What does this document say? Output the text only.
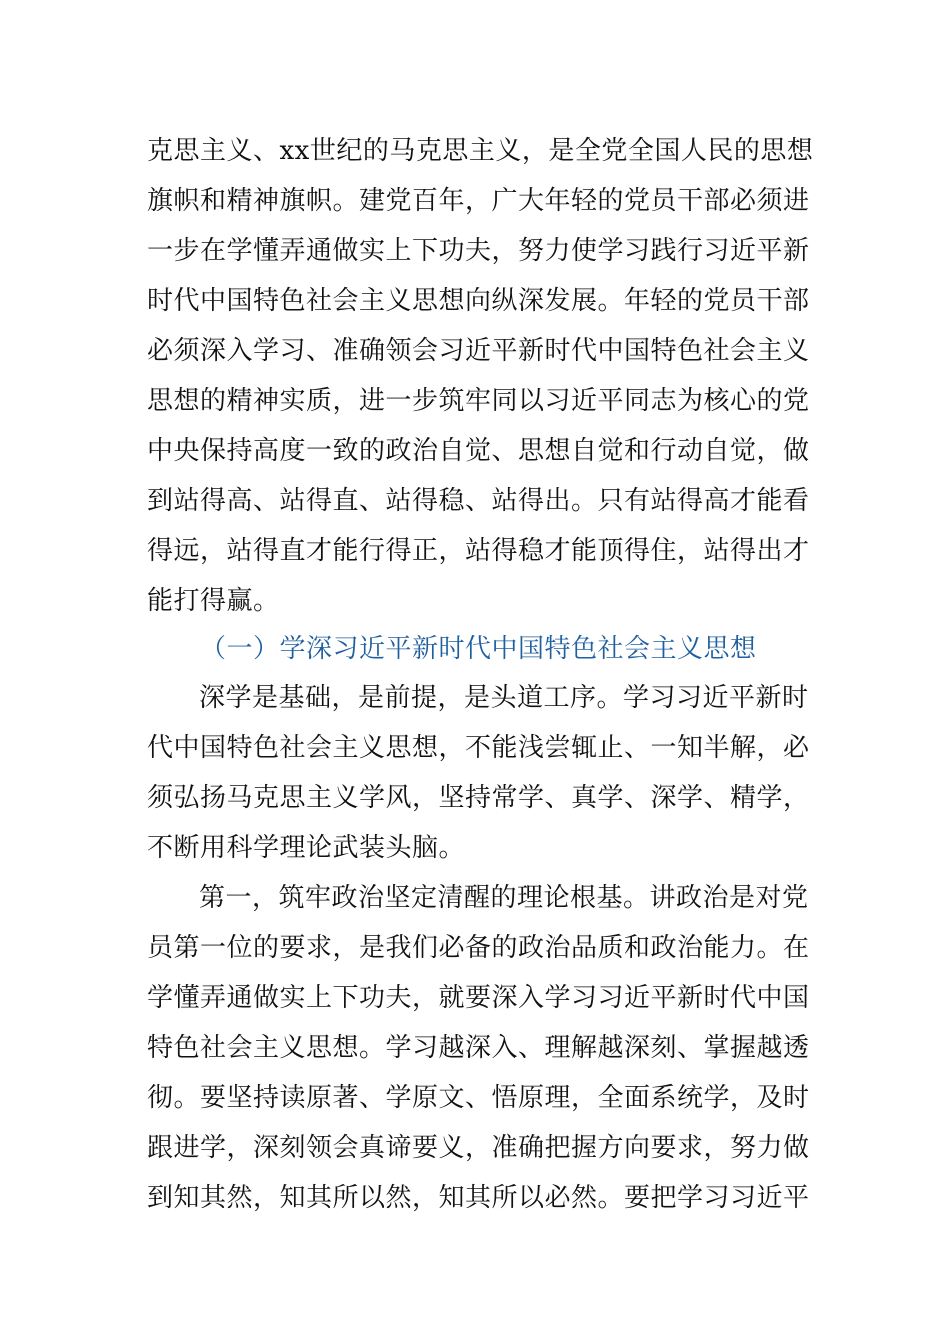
克思主义、xx世纪的马克思主义，是全党全国人民的思想
旗帜和精神旗帜。建党百年，广大年轻的党员干部必须进
一步在学懂弄通做实上下功夫，努力使学习践行习近平新
时代中国特色社会主义思想向纵深发展。年轻的党员干部
必须深入学习、准确领会习近平新时代中国特色社会主义
思想的精神实质，进一步筑牢同以习近平同志为核心的党
中央保持高度一致的政治自觉、思想自觉和行动自觉，做
到站得高、站得直、站得稳、站得出。只有站得高才能看
得远，站得直才能行得正，站得稳才能顶得住，站得出才
能打得赢。
（一）学深习近平新时代中国特色社会主义思想
深学是基础，是前提，是头道工序。学习习近平新时
代中国特色社会主义思想，不能浅尝辄止、一知半解，必
须弘扬马克思主义学风，坚持常学、真学、深学、精学，
不断用科学理论武装头脑。
第一，筑牢政治坚定清醒的理论根基。讲政治是对党
员第一位的要求，是我们必备的政治品质和政治能力。在
学懂弄通做实上下功夫，就要深入学习习近平新时代中国
特色社会主义思想。学习越深入、理解越深刻、掌握越透
彻。要坚持读原著、学原文、悟原理，全面系统学，及时
跟进学，深刻领会真谛要义，准确把握方向要求，努力做
到知其然，知其所以然，知其所以必然。要把学习习近平
